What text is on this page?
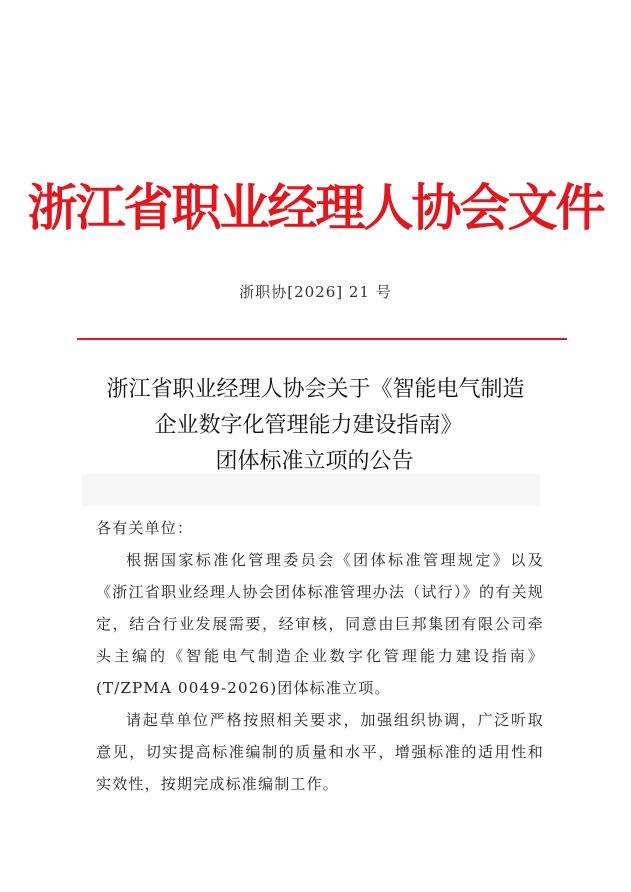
浙江省职业经理人协会文件
浙职协[2026] 21 号
浙江省职业经理人协会关于《智能电气制造
企业数字化管理能力建设指南》
团体标准立项的公告

各有关单位：

根据国家标准化管理委员会《团体标准管理规定》以及《浙江省职业经理人协会团体标准管理办法（试行）》的有关规定，结合行业发展需要，经审核，同意由巨邦集团有限公司牵头主编的《智能电气制造企业数字化管理能力建设指南》(T/ZPMA 0049-2026)团体标准立项。

请起草单位严格按照相关要求，加强组织协调，广泛听取意见，切实提高标准编制的质量和水平，增强标准的适用性和实效性，按期完成标准编制工作。
